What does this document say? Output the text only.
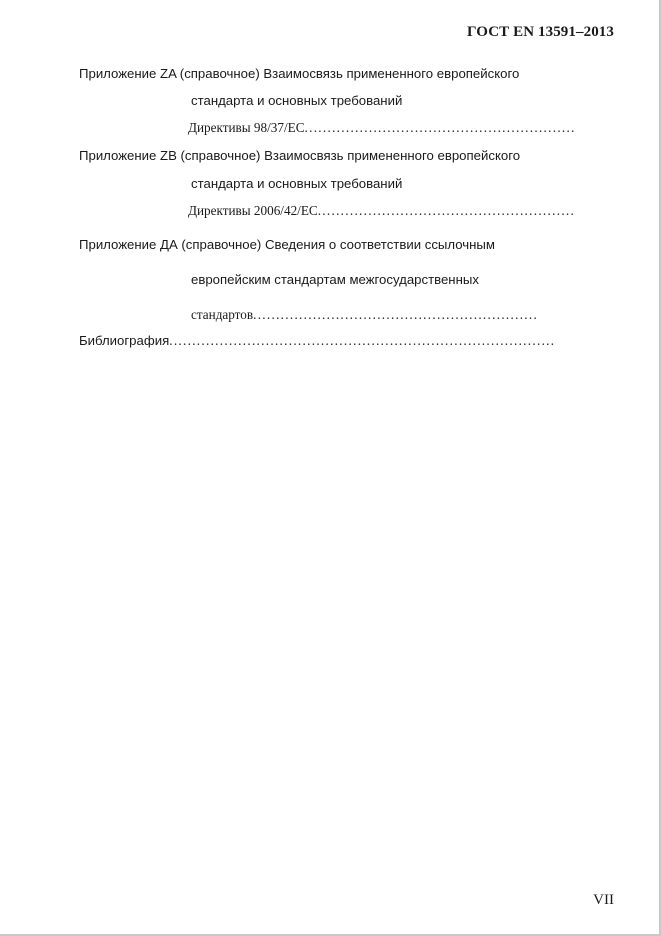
ГОСТ EN 13591–2013
Приложение ZA (справочное) Взаимосвязь примененного европейского
стандарта и основных требований
Директивы 98/37/ЕС...........................................................
Приложение ZB (справочное) Взаимосвязь примененного европейского
стандарта и основных требований
Директивы 2006/42/ЕС........................................................
Приложение ДА (справочное) Сведения о соответствии ссылочным
европейским стандартам межгосударственных
стандартов..............................................................
Библиография....................................................................................
VII
